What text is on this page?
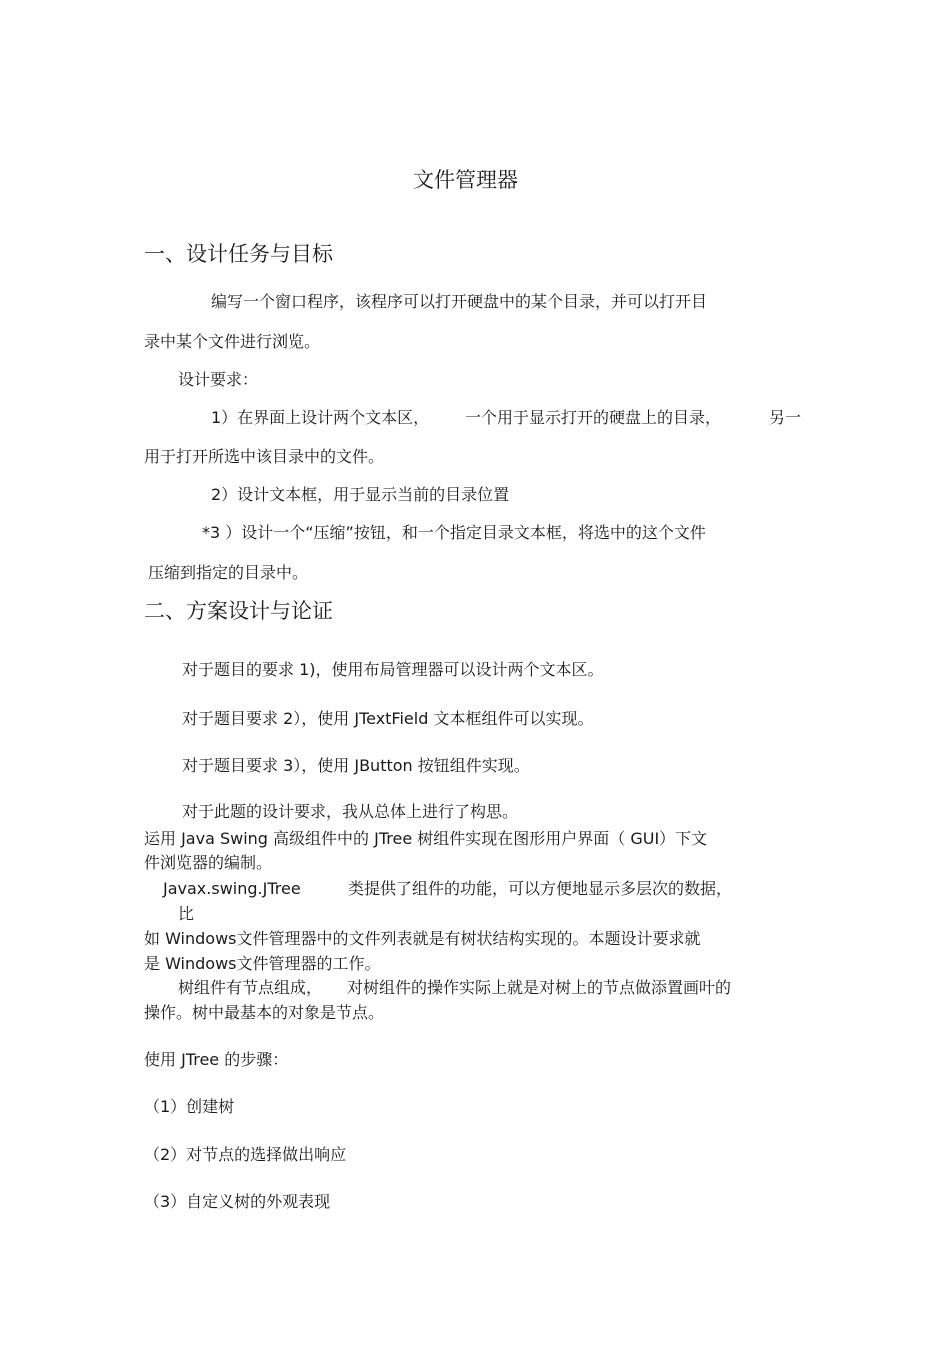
文件管理器
一、设计任务与目标
编写一个窗口程序，该程序可以打开硬盘中的某个目录，并可以打开目
录中某个文件进行浏览。
设计要求：
1）在界面上设计两个文本区， 一个用于显示打开的硬盘上的目录，	另一
用于打开所选中该目录中的文件。
2）设计文本框，用于显示当前的目录位置
*3 ）设计一个“压缩”按钮，和一个指定目录文本框，将选中的这个文件
压缩到指定的目录中。
二、方案设计与论证
对于题目的要求 1)，使用布局管理器可以设计两个文本区。
对于题目要求 2），使用 JTextField 文本框组件可以实现。
对于题目要求 3），使用 JButton 按钮组件实现。
对于此题的设计要求，我从总体上进行了构思。
运用 Java Swing 高级组件中的 JTree 树组件实现在图形用户界面（ GUI）下文
件浏览器的编制。
Javax.swing.JTree	类提供了组件的功能，可以方便地显示多层次的数据，
比
如 Windows文件管理器中的文件列表就是有树状结构实现的。本题设计要求就
是 Windows文件管理器的工作。
树组件有节点组成， 对树组件的操作实际上就是对树上的节点做添置画叶的
操作。树中最基本的对象是节点。
使用 JTree 的步骤：
（1）创建树
（2）对节点的选择做出响应
（3）自定义树的外观表现
